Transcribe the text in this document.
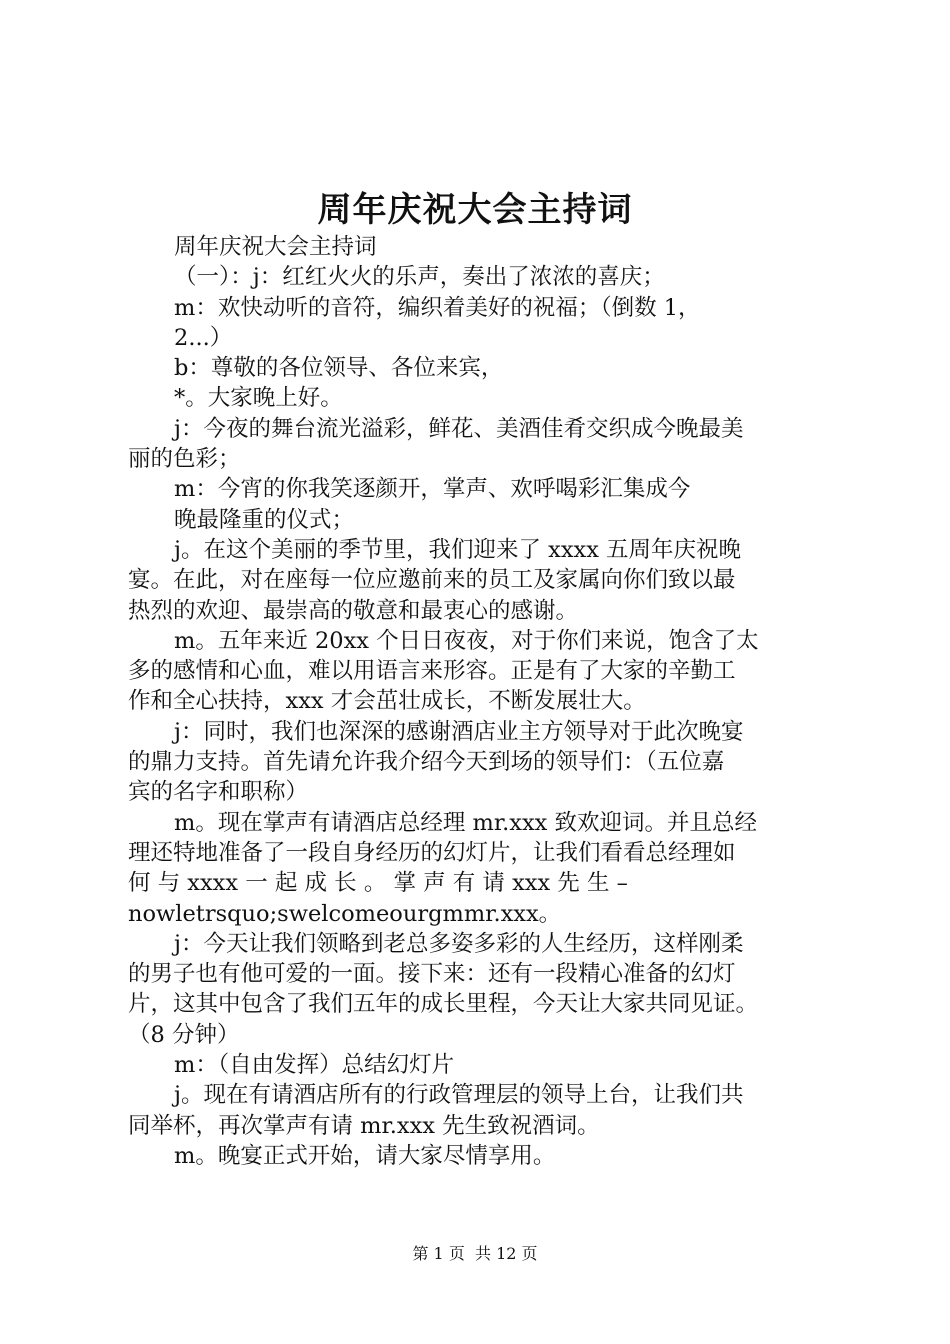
周年庆祝大会主持词
周年庆祝大会主持词
（一）：j：红红火火的乐声，奏出了浓浓的喜庆；
m：欢快动听的音符，编织着美好的祝福；（倒数 1，
2...）
b：尊敬的各位领导、各位来宾，
*。大家晚上好。
j：今夜的舞台流光溢彩，鲜花、美酒佳肴交织成今晚最美
丽的色彩；
m：今宵的你我笑逐颜开，掌声、欢呼喝彩汇集成今
晚最隆重的仪式；
j。在这个美丽的季节里，我们迎来了 xxxx 五周年庆祝晚
宴。在此，对在座每一位应邀前来的员工及家属向你们致以最
热烈的欢迎、最崇高的敬意和最衷心的感谢。
m。五年来近 20xx 个日日夜夜，对于你们来说，饱含了太
多的感情和心血，难以用语言来形容。正是有了大家的辛勤工
作和全心扶持，xxx 才会茁壮成长，不断发展壮大。
j：同时，我们也深深的感谢酒店业主方领导对于此次晚宴
的鼎力支持。首先请允许我介绍今天到场的领导们：（五位嘉
宾的名字和职称）
m。现在掌声有请酒店总经理 mr.xxx 致欢迎词。并且总经
理还特地准备了一段自身经历的幻灯片，让我们看看总经理如
何 与 xxxx 一 起 成 长 。 掌 声 有 请 xxx 先 生 –
nowletrsquo;swelcomeourgmmr.xxx。
j：今天让我们领略到老总多姿多彩的人生经历，这样刚柔
的男子也有他可爱的一面。接下来：还有一段精心准备的幻灯
片，这其中包含了我们五年的成长里程，今天让大家共同见证。
（8 分钟）
m：（自由发挥）总结幻灯片
j。现在有请酒店所有的行政管理层的领导上台，让我们共
同举杯，再次掌声有请 mr.xxx 先生致祝酒词。
m。晚宴正式开始，请大家尽情享用。
第 1 页  共 12 页
